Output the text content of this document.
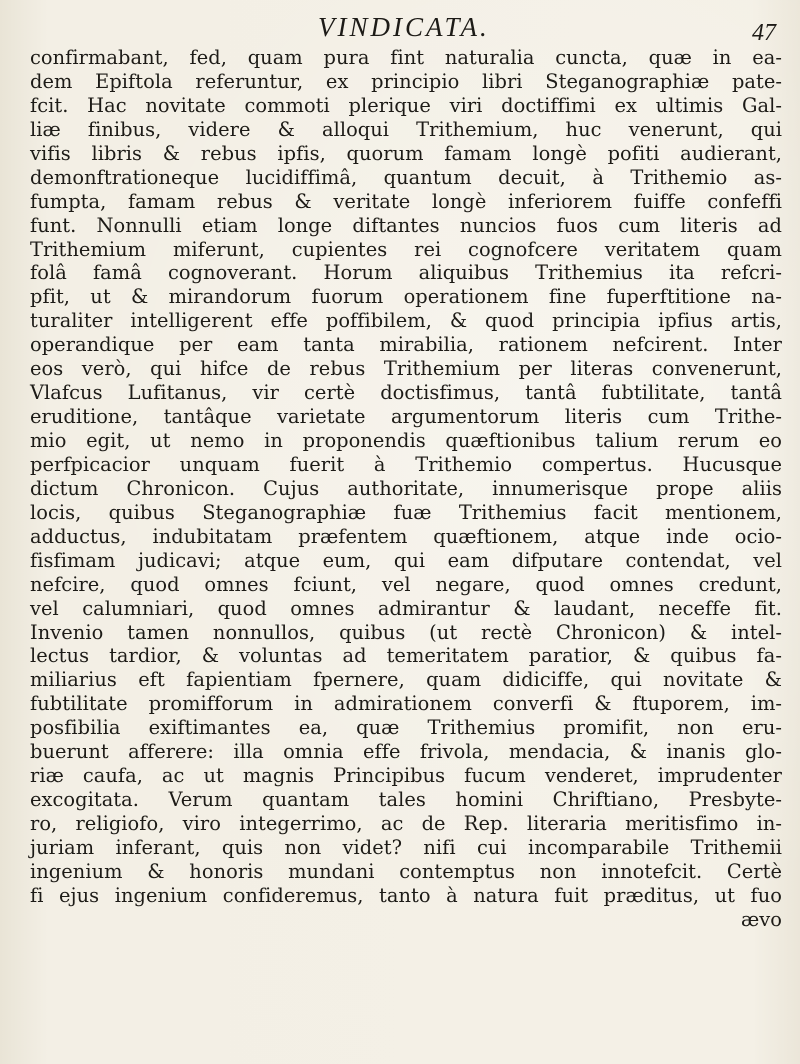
VINDICATA.	47
confirmabant, fed, quam pura fint naturalia cuncta, quæ in ea-
dem Epiftola referuntur, ex principio libri Steganographiæ pate-
fcit. Hac novitate commoti plerique viri doctiffimi ex ultimis Gal-
liæ finibus, videre & alloqui Trithemium, huc venerunt, qui
vifis libris & rebus ipfis, quorum famam longè pofiti audierant,
demonftrationeque lucidiffimâ, quantum decuit, à Trithemio as-
fumpta, famam rebus & veritate longè inferiorem fuiffe confeffi
funt. Nonnulli etiam longe diftantes nuncios fuos cum literis ad
Trithemium miferunt, cupientes rei cognofcere veritatem quam
folâ famâ cognoverant. Horum aliquibus Trithemius ita refcri-
pfit, ut & mirandorum fuorum operationem fine fuperftitione na-
turaliter intelligerent effe poffibilem, & quod principia ipfius artis,
operandique per eam tanta mirabilia, rationem nefcirent. Inter
eos verò, qui hifce de rebus Trithemium per literas convenerunt,
Vlafcus Lufitanus, vir certè doctisfimus, tantâ fubtilitate, tantâ
eruditione, tantâque varietate argumentorum literis cum Trithe-
mio egit, ut nemo in proponendis quæftionibus talium rerum eo
perfpicacior unquam fuerit à Trithemio compertus. Hucusque
dictum Chronicon. Cujus authoritate, innumerisque prope aliis
locis, quibus Steganographiæ fuæ Trithemius facit mentionem,
adductus, indubitatam præfentem quæftionem, atque inde ocio-
fisfimam judicavi; atque eum, qui eam difputare contendat, vel
nefcire, quod omnes fciunt, vel negare, quod omnes credunt,
vel calumniari, quod omnes admirantur & laudant, neceffe fit.
Invenio tamen nonnullos, quibus (ut rectè Chronicon) & intel-
lectus tardior, & voluntas ad temeritatem paratior, & quibus fa-
miliarius eft fapientiam fpernere, quam didiciffe, qui novitate &
fubtilitate promifforum in admirationem converfi & ftuporem, im-
posfibilia exiftimantes ea, quæ Trithemius promifit, non eru-
buerunt afferere: illa omnia effe frivola, mendacia, & inanis glo-
riæ caufa, ac ut magnis Principibus fucum venderet, imprudenter
excogitata. Verum quantam tales homini Chriftiano, Presbyte-
ro, religiofo, viro integerrimo, ac de Rep. literaria meritisfimo in-
juriam inferant, quis non videt? nifi cui incomparabile Trithemii
ingenium & honoris mundani contemptus non innotefcit. Certè
fi ejus ingenium confideremus, tanto à natura fuit præditus, ut fuo
ævo
